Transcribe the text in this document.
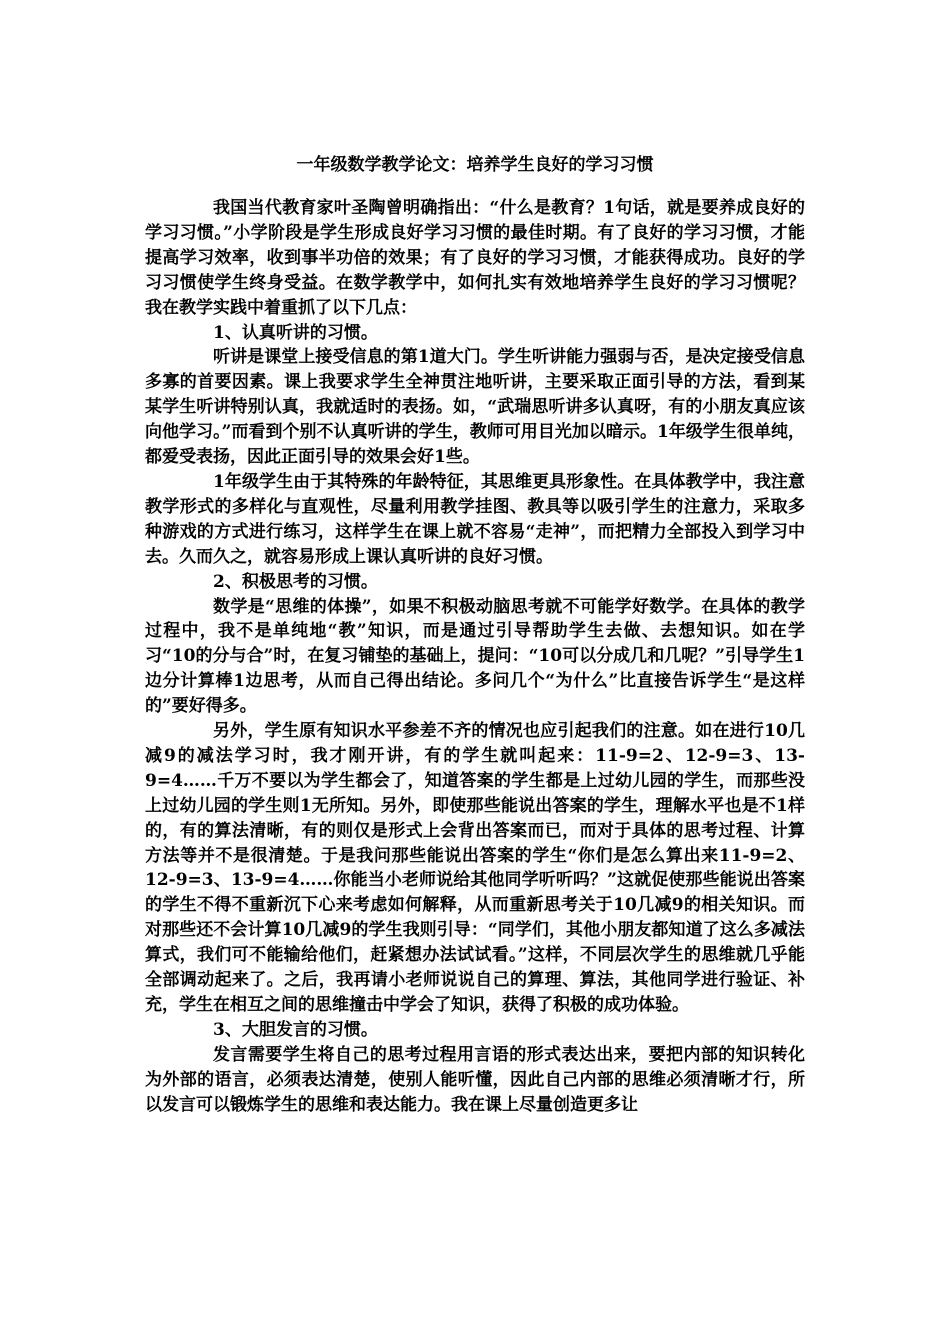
一年级数学教学论文：培养学生良好的学习习惯

我国当代教育家叶圣陶曾明确指出：“什么是教育？1句话，就是要养成良好的学习习惯。”小学阶段是学生形成良好学习习惯的最佳时期。有了良好的学习习惯，才能提高学习效率，收到事半功倍的效果；有了良好的学习习惯，才能获得成功。良好的学习习惯使学生终身受益。在数学教学中，如何扎实有效地培养学生良好的学习习惯呢？我在教学实践中着重抓了以下几点：

1、认真听讲的习惯。

听讲是课堂上接受信息的第1道大门。学生听讲能力强弱与否，是决定接受信息多寡的首要因素。课上我要求学生全神贯注地听讲，主要采取正面引导的方法，看到某某学生听讲特别认真，我就适时的表扬。如，“武瑞思听讲多认真呀，有的小朋友真应该向他学习。”而看到个别不认真听讲的学生，教师可用目光加以暗示。1年级学生很单纯，都爱受表扬，因此正面引导的效果会好1些。

1年级学生由于其特殊的年龄特征，其思维更具形象性。在具体教学中，我注意教学形式的多样化与直观性，尽量利用教学挂图、教具等以吸引学生的注意力，采取多种游戏的方式进行练习，这样学生在课上就不容易“走神”，而把精力全部投入到学习中去。久而久之，就容易形成上课认真听讲的良好习惯。

2、积极思考的习惯。

数学是“思维的体操”，如果不积极动脑思考就不可能学好数学。在具体的教学过程中，我不是单纯地“教”知识，而是通过引导帮助学生去做、去想知识。如在学习“10的分与合”时，在复习铺垫的基础上，提问：“10可以分成几和几呢？”引导学生1边分计算棒1边思考，从而自己得出结论。多问几个“为什么”比直接告诉学生“是这样的”要好得多。

另外，学生原有知识水平参差不齐的情况也应引起我们的注意。如在进行10几减9的减法学习时，我才刚开讲，有的学生就叫起来：11-9=2、12-9=3、13-9=4……千万不要以为学生都会了，知道答案的学生都是上过幼儿园的学生，而那些没上过幼儿园的学生则1无所知。另外，即使那些能说出答案的学生，理解水平也是不1样的，有的算法清晰，有的则仅是形式上会背出答案而已，而对于具体的思考过程、计算方法等并不是很清楚。于是我问那些能说出答案的学生“你们是怎么算出来11-9=2、12-9=3、13-9=4……你能当小老师说给其他同学听听吗？”这就促使那些能说出答案的学生不得不重新沉下心来考虑如何解释，从而重新思考关于10几减9的相关知识。而对那些还不会计算10几减9的学生我则引导：“同学们，其他小朋友都知道了这么多减法算式，我们可不能输给他们，赶紧想办法试试看。”这样，不同层次学生的思维就几乎能全部调动起来了。之后，我再请小老师说说自己的算理、算法，其他同学进行验证、补充，学生在相互之间的思维撞击中学会了知识，获得了积极的成功体验。

3、大胆发言的习惯。

发言需要学生将自己的思考过程用言语的形式表达出来，要把内部的知识转化为外部的语言，必须表达清楚，使别人能听懂，因此自己内部的思维必须清晰才行，所以发言可以锻炼学生的思维和表达能力。我在课上尽量创造更多让
